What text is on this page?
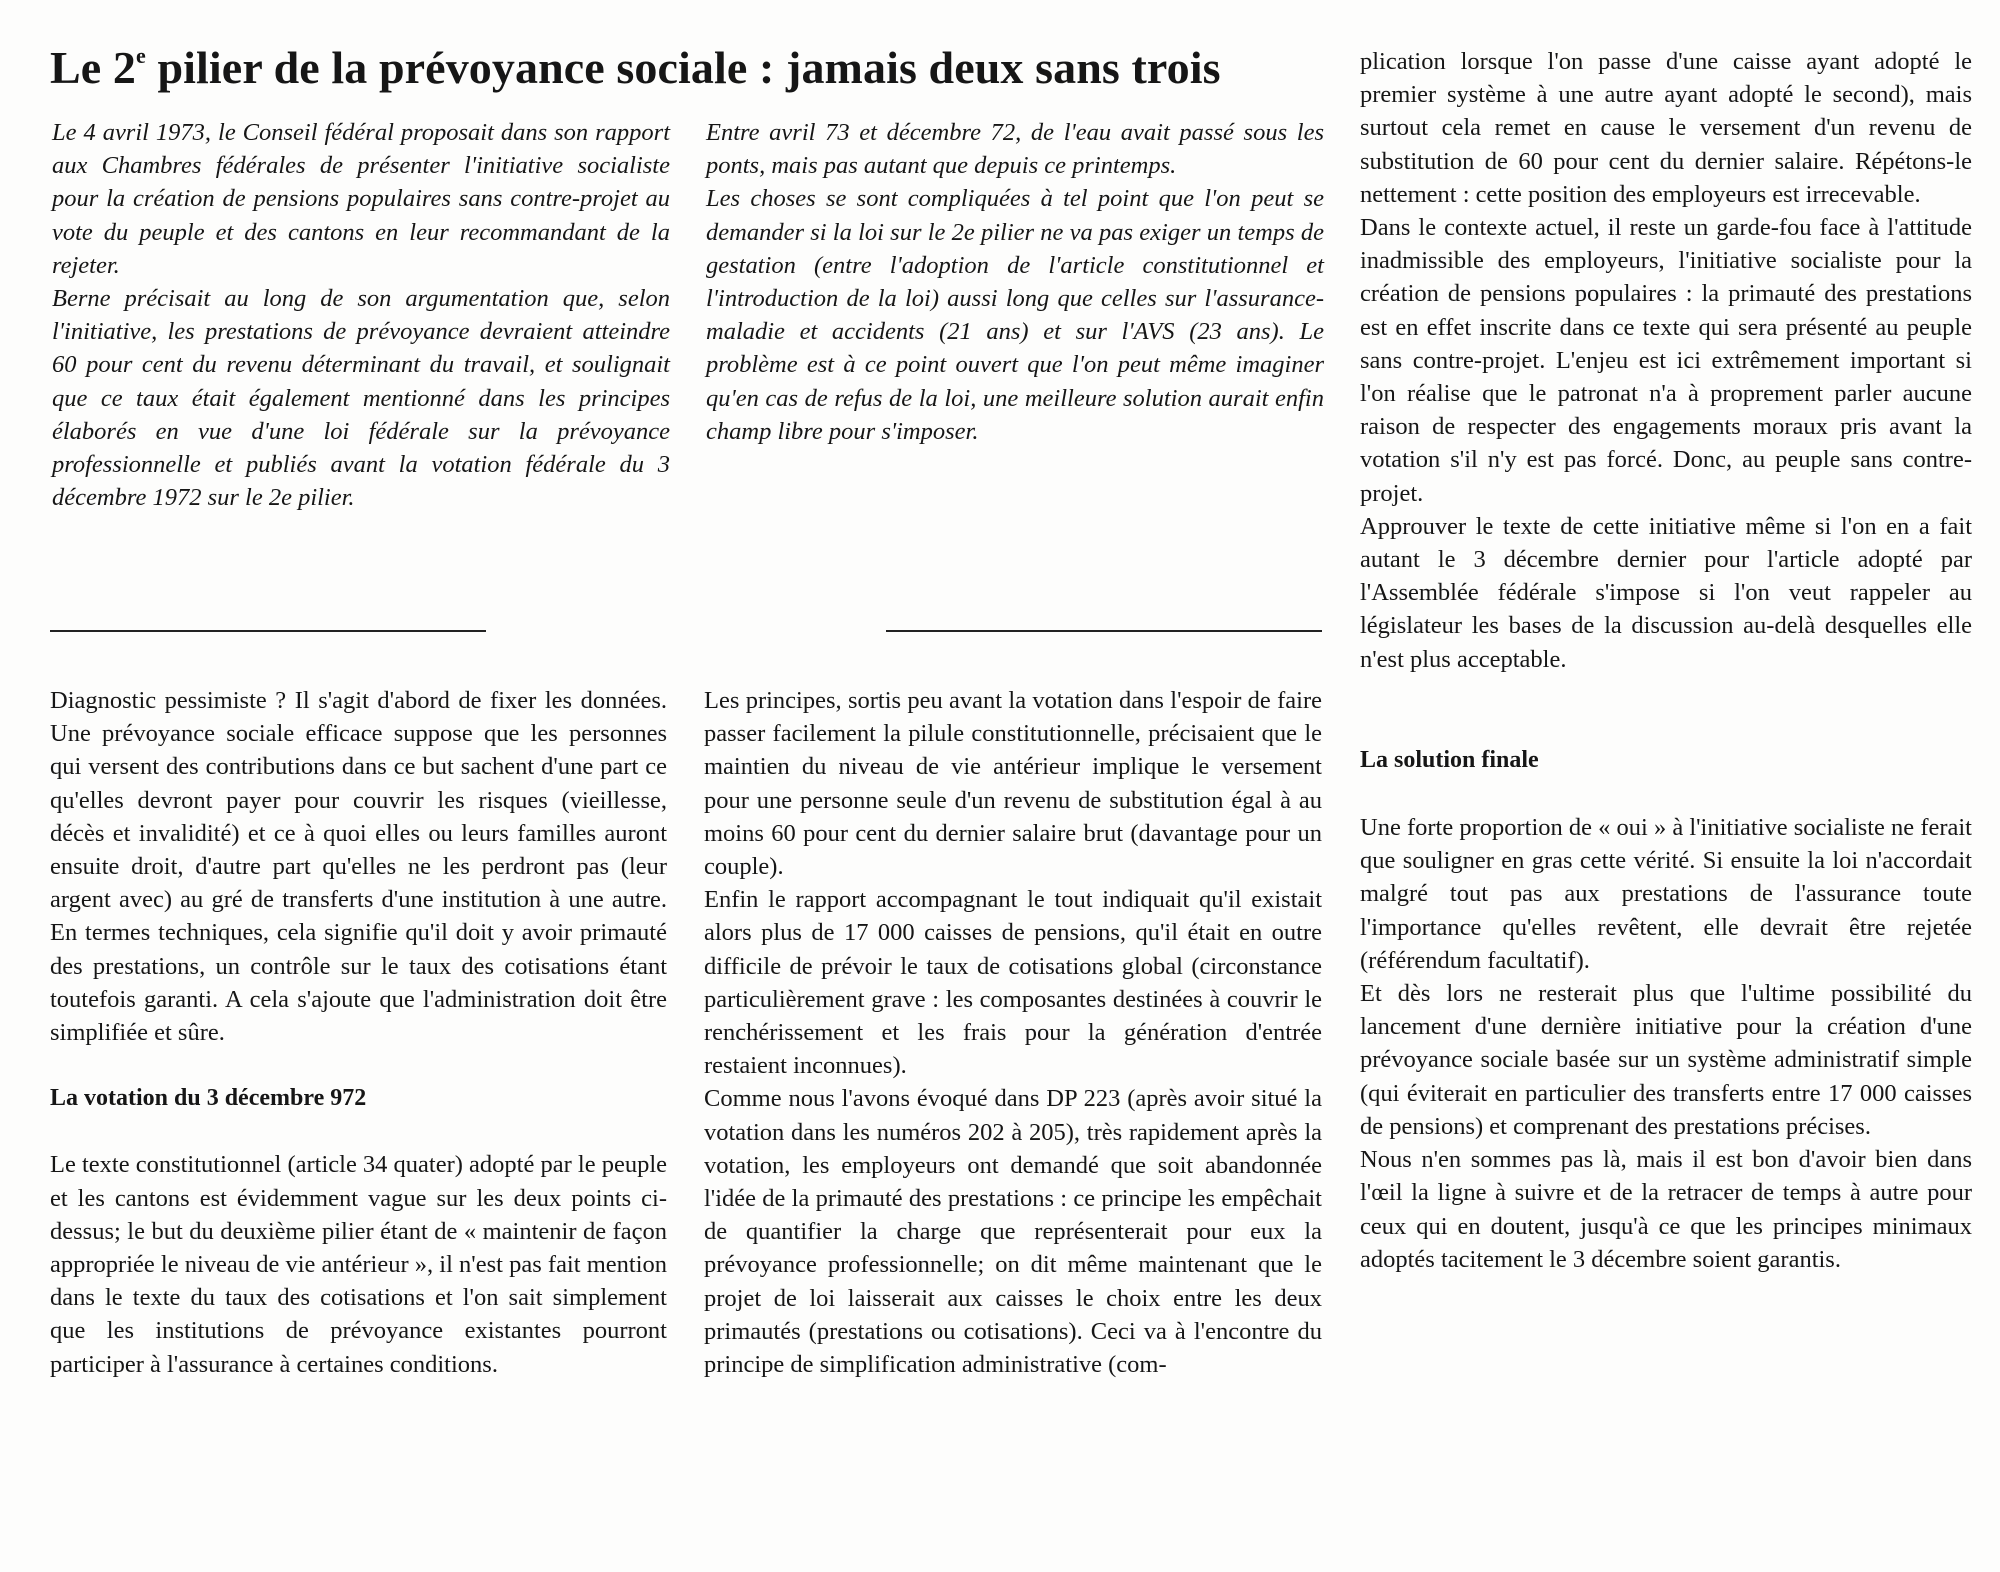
Le 2e pilier de la prévoyance sociale : jamais deux sans trois

Le 4 avril 1973, le Conseil fédéral proposait dans son rapport aux Chambres fédérales de présenter l'initiative socialiste pour la création de pensions populaires sans contre-projet au vote du peuple et des cantons en leur recommandant de la rejeter.

Berne précisait au long de son argumentation que, selon l'initiative, les prestations de prévoyance devraient atteindre 60 pour cent du revenu déterminant du travail, et soulignait que ce taux était également mentionné dans les principes élaborés en vue d'une loi fédérale sur la prévoyance professionnelle et publiés avant la votation fédérale du 3 décembre 1972 sur le 2e pilier.

Entre avril 73 et décembre 72, de l'eau avait passé sous les ponts, mais pas autant que depuis ce printemps.

Les choses se sont compliquées à tel point que l'on peut se demander si la loi sur le 2e pilier ne va pas exiger un temps de gestation (entre l'adoption de l'article constitutionnel et l'introduction de la loi) aussi long que celles sur l'assurance-maladie et accidents (21 ans) et sur l'AVS (23 ans). Le problème est à ce point ouvert que l'on peut même imaginer qu'en cas de refus de la loi, une meilleure solution aurait enfin champ libre pour s'imposer.

Diagnostic pessimiste ? Il s'agit d'abord de fixer les données. Une prévoyance sociale efficace suppose que les personnes qui versent des contributions dans ce but sachent d'une part ce qu'elles devront payer pour couvrir les risques (vieillesse, décès et invalidité) et ce à quoi elles ou leurs familles auront ensuite droit, d'autre part qu'elles ne les perdront pas (leur argent avec) au gré de transferts d'une institution à une autre. En termes techniques, cela signifie qu'il doit y avoir primauté des prestations, un contrôle sur le taux des cotisations étant toutefois garanti. A cela s'ajoute que l'administration doit être simplifiée et sûre.

La votation du 3 décembre 972

Le texte constitutionnel (article 34 quater) adopté par le peuple et les cantons est évidemment vague sur les deux points ci-dessus; le but du deuxième pilier étant de « maintenir de façon appropriée le niveau de vie antérieur », il n'est pas fait mention dans le texte du taux des cotisations et l'on sait simplement que les institutions de prévoyance existantes pourront participer à l'assurance à certaines conditions.

Les principes, sortis peu avant la votation dans l'espoir de faire passer facilement la pilule constitutionnelle, précisaient que le maintien du niveau de vie antérieur implique le versement pour une personne seule d'un revenu de substitution égal à au moins 60 pour cent du dernier salaire brut (davantage pour un couple).

Enfin le rapport accompagnant le tout indiquait qu'il existait alors plus de 17 000 caisses de pensions, qu'il était en outre difficile de prévoir le taux de cotisations global (circonstance particulièrement grave : les composantes destinées à couvrir le renchérissement et les frais pour la génération d'entrée restaient inconnues).

Comme nous l'avons évoqué dans DP 223 (après avoir situé la votation dans les numéros 202 à 205), très rapidement après la votation, les employeurs ont demandé que soit abandonnée l'idée de la primauté des prestations : ce principe les empêchait de quantifier la charge que représenterait pour eux la prévoyance professionnelle; on dit même maintenant que le projet de loi laisserait aux caisses le choix entre les deux primautés (prestations ou cotisations). Ceci va à l'encontre du principe de simplification administrative (com-

plication lorsque l'on passe d'une caisse ayant adopté le premier système à une autre ayant adopté le second), mais surtout cela remet en cause le versement d'un revenu de substitution de 60 pour cent du dernier salaire. Répétons-le nettement : cette position des employeurs est irrecevable.

Dans le contexte actuel, il reste un garde-fou face à l'attitude inadmissible des employeurs, l'initiative socialiste pour la création de pensions populaires : la primauté des prestations est en effet inscrite dans ce texte qui sera présenté au peuple sans contre-projet. L'enjeu est ici extrêmement important si l'on réalise que le patronat n'a à proprement parler aucune raison de respecter des engagements moraux pris avant la votation s'il n'y est pas forcé. Donc, au peuple sans contre-projet.

Approuver le texte de cette initiative même si l'on en a fait autant le 3 décembre dernier pour l'article adopté par l'Assemblée fédérale s'impose si l'on veut rappeler au législateur les bases de la discussion au-delà desquelles elle n'est plus acceptable.

La solution finale

Une forte proportion de « oui » à l'initiative socialiste ne ferait que souligner en gras cette vérité. Si ensuite la loi n'accordait malgré tout pas aux prestations de l'assurance toute l'importance qu'elles revêtent, elle devrait être rejetée (référendum facultatif).

Et dès lors ne resterait plus que l'ultime possibilité du lancement d'une dernière initiative pour la création d'une prévoyance sociale basée sur un système administratif simple (qui éviterait en particulier des transferts entre 17 000 caisses de pensions) et comprenant des prestations précises.

Nous n'en sommes pas là, mais il est bon d'avoir bien dans l'œil la ligne à suivre et de la retracer de temps à autre pour ceux qui en doutent, jusqu'à ce que les principes minimaux adoptés tacitement le 3 décembre soient garantis.
